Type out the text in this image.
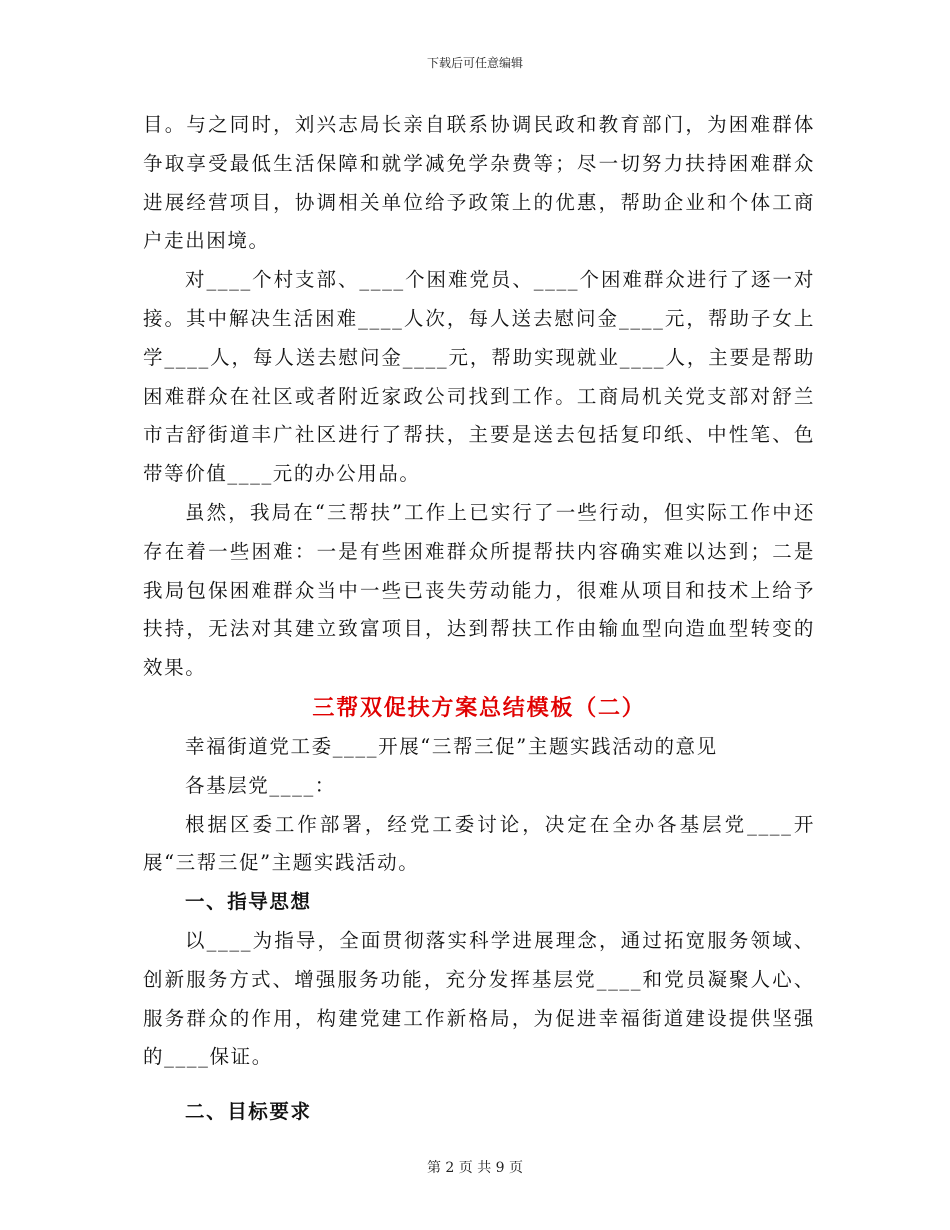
下载后可任意编辑

目。与之同时，刘兴志局长亲自联系协调民政和教育部门，为困难群体争取享受最低生活保障和就学减免学杂费等；尽一切努力扶持困难群众进展经营项目，协调相关单位给予政策上的优惠，帮助企业和个体工商户走出困境。

对____个村支部、____个困难党员、____个困难群众进行了逐一对接。其中解决生活困难____人次，每人送去慰问金____元，帮助子女上学____人，每人送去慰问金____元，帮助实现就业____人，主要是帮助困难群众在社区或者附近家政公司找到工作。工商局机关党支部对舒兰市吉舒街道丰广社区进行了帮扶，主要是送去包括复印纸、中性笔、色带等价值____元的办公用品。

虽然，我局在“三帮扶”工作上已实行了一些行动，但实际工作中还存在着一些困难：一是有些困难群众所提帮扶内容确实难以达到；二是我局包保困难群众当中一些已丧失劳动能力，很难从项目和技术上给予扶持，无法对其建立致富项目，达到帮扶工作由输血型向造血型转变的效果。

三帮双促扶方案总结模板（二）

幸福街道党工委____开展“三帮三促”主题实践活动的意见

各基层党____：

根据区委工作部署，经党工委讨论，决定在全办各基层党____开展“三帮三促”主题实践活动。

一、指导思想

以____为指导，全面贯彻落实科学进展理念，通过拓宽服务领域、创新服务方式、增强服务功能，充分发挥基层党____和党员凝聚人心、服务群众的作用，构建党建工作新格局，为促进幸福街道建设提供坚强的____保证。

二、目标要求

第 2 页 共 9 页
